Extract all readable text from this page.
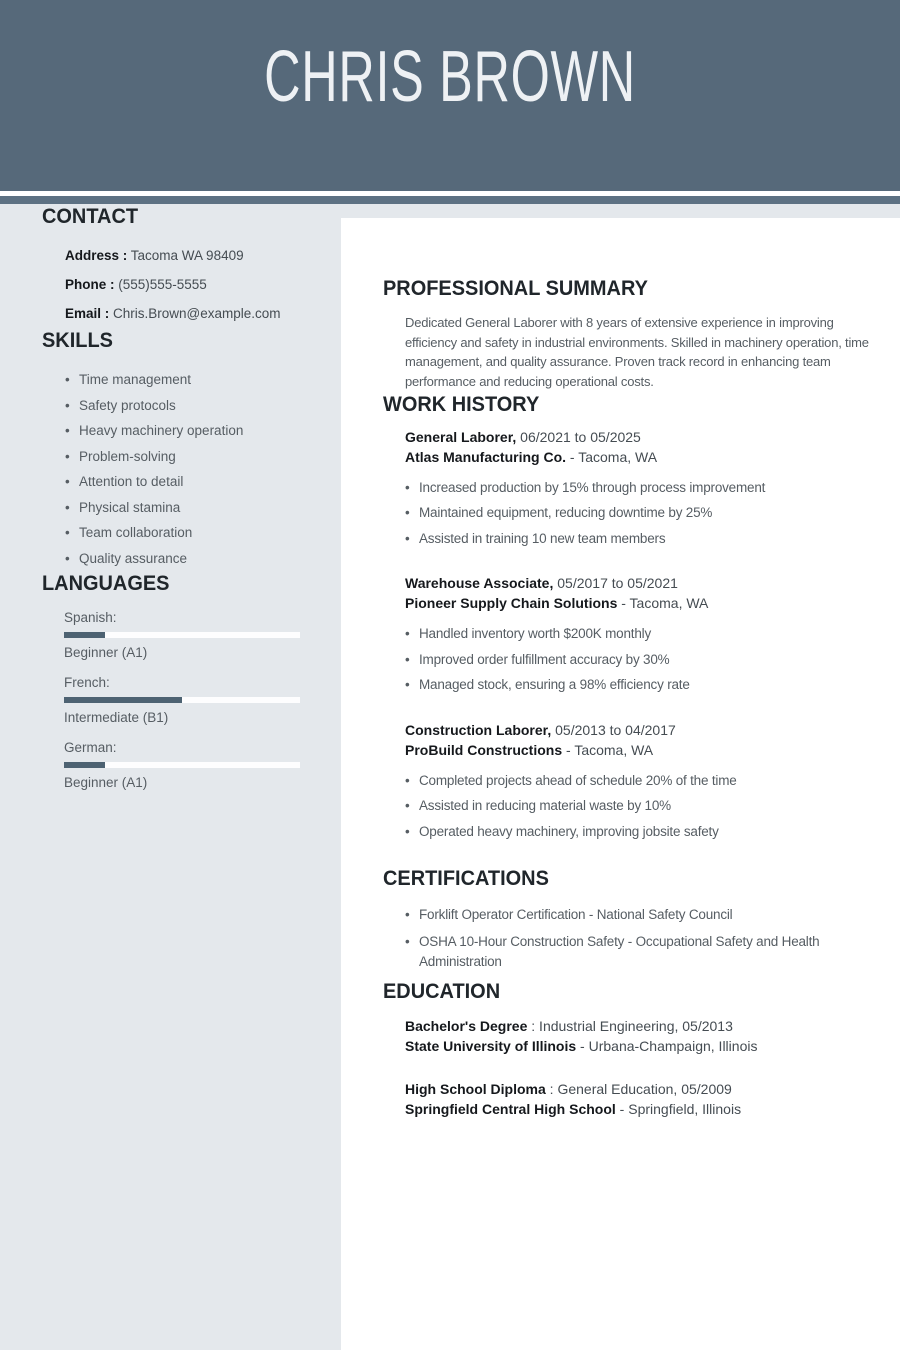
CHRIS BROWN
CONTACT
Address : Tacoma WA 98409
Phone : (555)555-5555
Email : Chris.Brown@example.com
SKILLS
• Time management
• Safety protocols
• Heavy machinery operation
• Problem-solving
• Attention to detail
• Physical stamina
• Team collaboration
• Quality assurance
LANGUAGES
Spanish:
Beginner (A1)
French:
Intermediate (B1)
German:
Beginner (A1)
PROFESSIONAL SUMMARY
Dedicated General Laborer with 8 years of extensive experience in improving efficiency and safety in industrial environments. Skilled in machinery operation, time management, and quality assurance. Proven track record in enhancing team performance and reducing operational costs.
WORK HISTORY
General Laborer, 06/2021 to 05/2025
Atlas Manufacturing Co. - Tacoma, WA
• Increased production by 15% through process improvement
• Maintained equipment, reducing downtime by 25%
• Assisted in training 10 new team members
Warehouse Associate, 05/2017 to 05/2021
Pioneer Supply Chain Solutions - Tacoma, WA
• Handled inventory worth $200K monthly
• Improved order fulfillment accuracy by 30%
• Managed stock, ensuring a 98% efficiency rate
Construction Laborer, 05/2013 to 04/2017
ProBuild Constructions - Tacoma, WA
• Completed projects ahead of schedule 20% of the time
• Assisted in reducing material waste by 10%
• Operated heavy machinery, improving jobsite safety
CERTIFICATIONS
• Forklift Operator Certification - National Safety Council
• OSHA 10-Hour Construction Safety - Occupational Safety and Health Administration
EDUCATION
Bachelor's Degree : Industrial Engineering, 05/2013
State University of Illinois - Urbana-Champaign, Illinois
High School Diploma : General Education, 05/2009
Springfield Central High School - Springfield, Illinois
